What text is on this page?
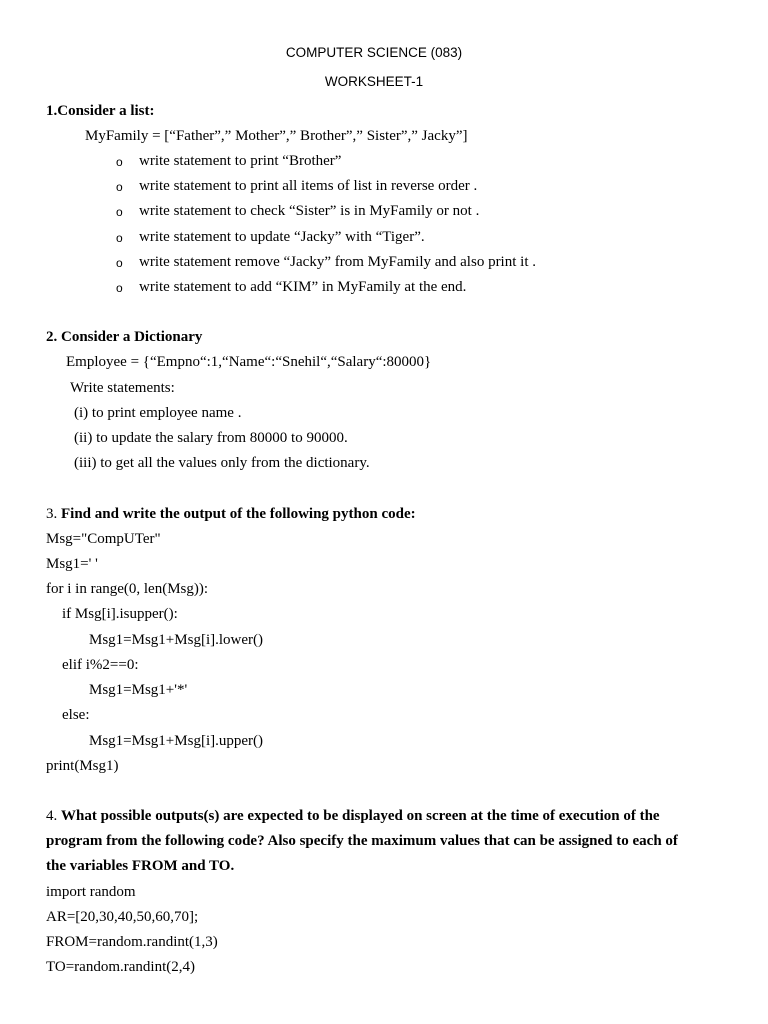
COMPUTER SCIENCE (083)
WORKSHEET-1
1.Consider a list:
MyFamily = [“Father”,” Mother”,” Brother”,” Sister”,” Jacky”]
o write statement to print “Brother”
o write statement to print all items of list in reverse order .
o write statement to check “Sister” is in MyFamily or not .
o write statement to update “Jacky” with “Tiger”.
o write statement remove “Jacky” from MyFamily and also print it .
o write statement to add “KIM” in MyFamily at the end.
2. Consider a Dictionary
Employee = {“Empno“:1,“Name“:“Snehil“,“Salary“:80000}
Write statements:
(i) to print employee name .
(ii) to update the salary from 80000 to 90000.
(iii) to get all the values only from the dictionary.
3. Find and write the output of the following python code:
Msg="CompUTer"
Msg1=' '
for i in range(0, len(Msg)):
if Msg[i].isupper():
Msg1=Msg1+Msg[i].lower()
elif i%2==0:
Msg1=Msg1+'*'
else:
Msg1=Msg1+Msg[i].upper()
print(Msg1)
4. What possible outputs(s) are expected to be displayed on screen at the time of execution of the
program from the following code? Also specify the maximum values that can be assigned to each of
the variables FROM and TO.
import random
AR=[20,30,40,50,60,70];
FROM=random.randint(1,3)
TO=random.randint(2,4)
